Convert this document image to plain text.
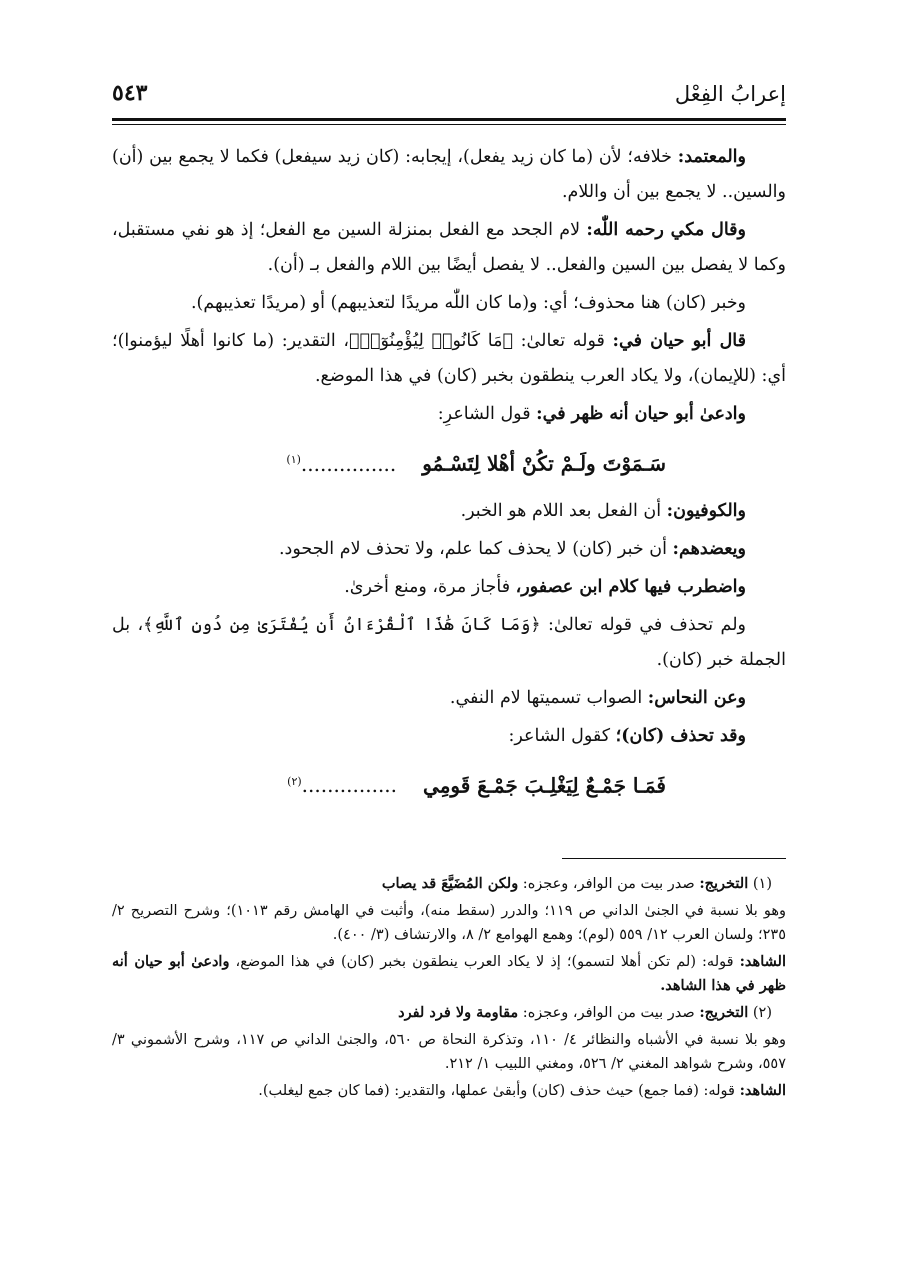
إعرابُ الفِعْل
٥٤٣

والمعتمد: خلافه؛ لأن (ما كان زيد يفعل)، إيجابه: (كان زيد سيفعل) فكما لا يجمع بين (أن) والسين.. لا يجمع بين أن واللام.

وقال مكي رحمه اللّٰه: لام الجحد مع الفعل بمنزلة السين مع الفعل؛ إذ هو نفي مستقبل، وكما لا يفصل بين السين والفعل.. لا يفصل أيضًا بين اللام والفعل بـ (أن).

وخبر (كان) هنا محذوف؛ أي: و(ما كان اللّٰه مريدًا لتعذيبهم) أو (مريدًا تعذيبهم).

قال أبو حيان في: قوله تعالىٰ: ﴿مَا كَانُوا۟ لِيُؤْمِنُوٓا۟﴾، التقدير: (ما كانوا أهلًا ليؤمنوا)؛ أي: (للإيمان)، ولا يكاد العرب ينطقون بخبر (كان) في هذا الموضع.

وادعىٰ أبو حيان أنه ظهر في: قول الشاعرِ:

سَـمَوْتَ ولَـمْ تكُنْ أهْلا لِتَسْـمُو...............$^{(١)}$

والكوفيون: أن الفعل بعد اللام هو الخبر.

ويعضدهم: أن خبر (كان) لا يحذف كما علم، ولا تحذف لام الجحود.

واضطرب فيها كلام ابن عصفور، فأجاز مرة، ومنع أخرىٰ.

ولم تحذف في قوله تعالىٰ: ﴿وَمَا كَانَ هَٰذَا ٱلْقُرْءَانُ أَن يُفْتَرَىٰ مِن دُونِ ٱللَّهِ﴾، بل الجملة خبر (كان).

وعن النحاس: الصواب تسميتها لام النفي.

وقد تحذف (كان)؛ كقول الشاعر:

فَمَـا جَمْـعٌ لِيَغْلِـبَ جَمْـعَ قَومِي...............$^{(٢)}$

(١) التخريج: صدر بيت من الوافر، وعجزه: ولكن المُضَيَّعَ قد يصاب

وهو بلا نسبة في الجنىٰ الداني ص ١١٩؛ والدرر (سقط منه)، وأثبت في الهامش رقم ١٠١٣)؛ وشرح التصريح ٢/ ٢٣٥؛ ولسان العرب ١٢/ ٥٥٩ (لوم)؛ وهمع الهوامع ٢/ ٨، والارتشاف (٣/ ٤٠٠).

الشاهد: قوله: (لم تكن أهلا لتسمو)؛ إذ لا يكاد العرب ينطقون بخبر (كان) في هذا الموضع، وادعىٰ أبو حيان أنه ظهر في هذا الشاهد.

(٢) التخريج: صدر بيت من الوافر، وعجزه: مقاومة ولا فرد لفرد

وهو بلا نسبة في الأشباه والنظائر ٤/ ١١٠، وتذكرة النحاة ص ٥٦٠، والجنىٰ الداني ص ١١٧، وشرح الأشموني ٣/ ٥٥٧، وشرح شواهد المغني ٢/ ٥٢٦، ومغني اللبيب ١/ ٢١٢.

الشاهد: قوله: (فما جمع) حيث حذف (كان) وأبقىٰ عملها، والتقدير: (فما كان جمع ليغلب).
